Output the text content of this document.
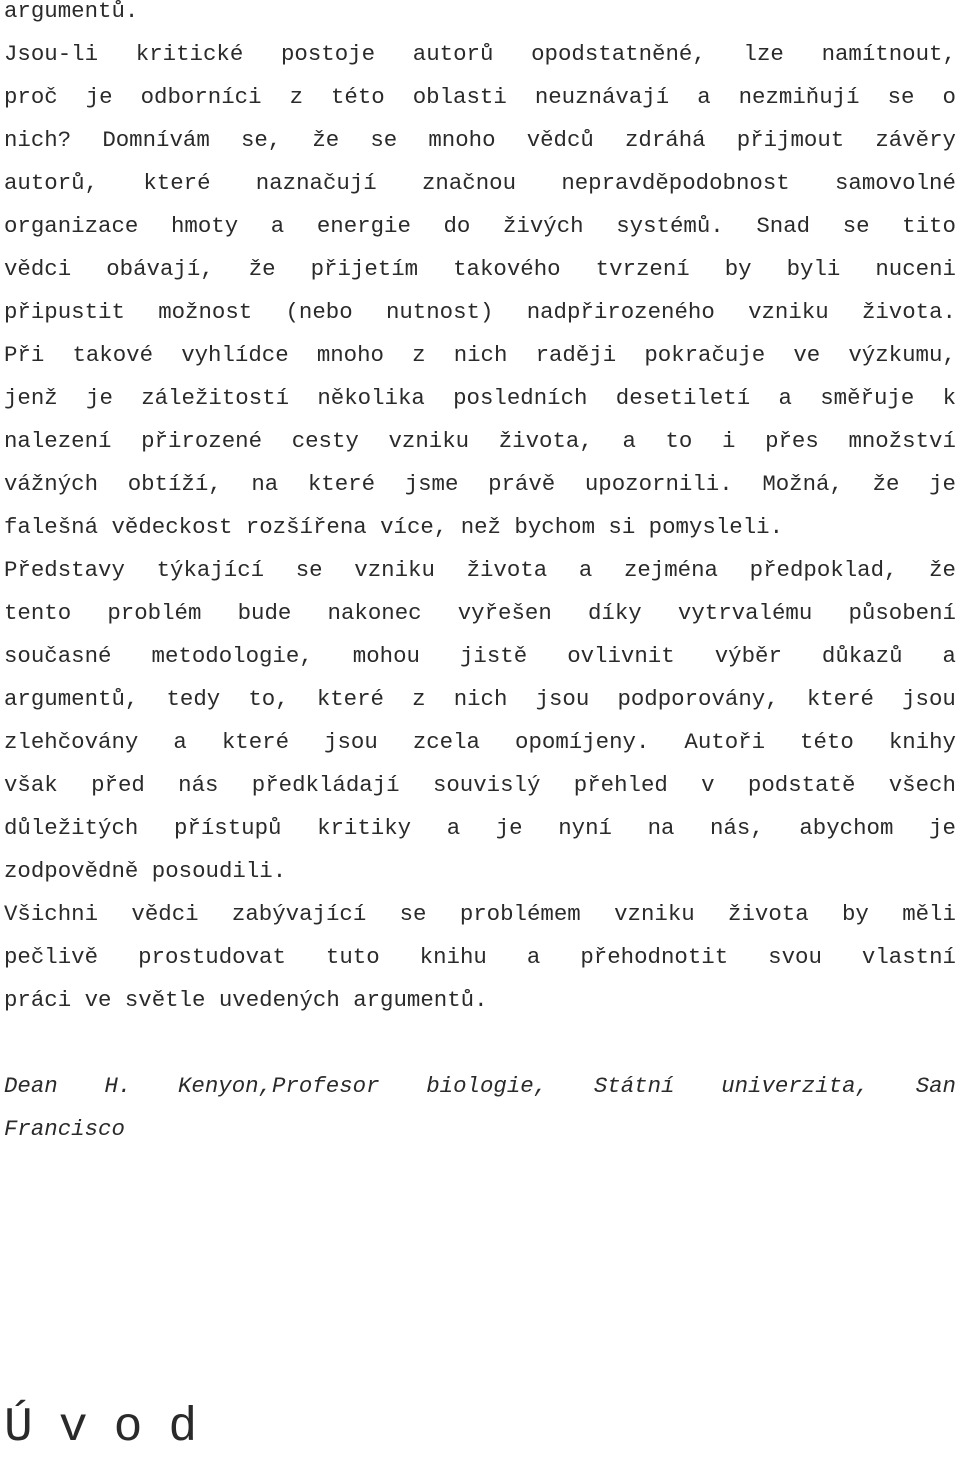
argumentů.
Jsou-li kritické postoje autorů opodstatněné, lze namítnout,
proč je odborníci z této oblasti neuznávají a nezmiňují se o
nich? Domnívám se, že se mnoho vědců zdráhá přijmout závěry
autorů, které naznačují značnou nepravděpodobnost samovolné
organizace hmoty a energie do živých systémů. Snad se tito
vědci obávají, že přijetím takového tvrzení by byli nuceni
připustit možnost (nebo nutnost) nadpřirozeného vzniku života.
Při takové vyhlídce mnoho z nich raději pokračuje ve výzkumu,
jenž je záležitostí několika posledních desetiletí a směřuje k
nalezení přirozené cesty vzniku života, a to i přes množství
vážných obtíží, na které jsme právě upozornili. Možná, že je
falešná vědeckost rozšířena více, než bychom si pomysleli.
Představy týkající se vzniku života a zejména předpoklad, že
tento problém bude nakonec vyřešen díky vytrvalému působení
současné metodologie, mohou jistě ovlivnit výběr důkazů a
argumentů, tedy to, které z nich jsou podporovány, které jsou
zlehčovány a které jsou zcela opomíjeny. Autoři této knihy
však před nás předkládají souvislý přehled v podstatě všech
důležitých přístupů kritiky a je nyní na nás, abychom je
zodpovědně posoudili.
Všichni vědci zabývající se problémem vzniku života by měli
pečlivě prostudovat tuto knihu a přehodnotit svou vlastní
práci ve světle uvedených argumentů.
Dean H. Kenyon,Profesor biologie, Státní univerzita, San
Francisco
Úvod
